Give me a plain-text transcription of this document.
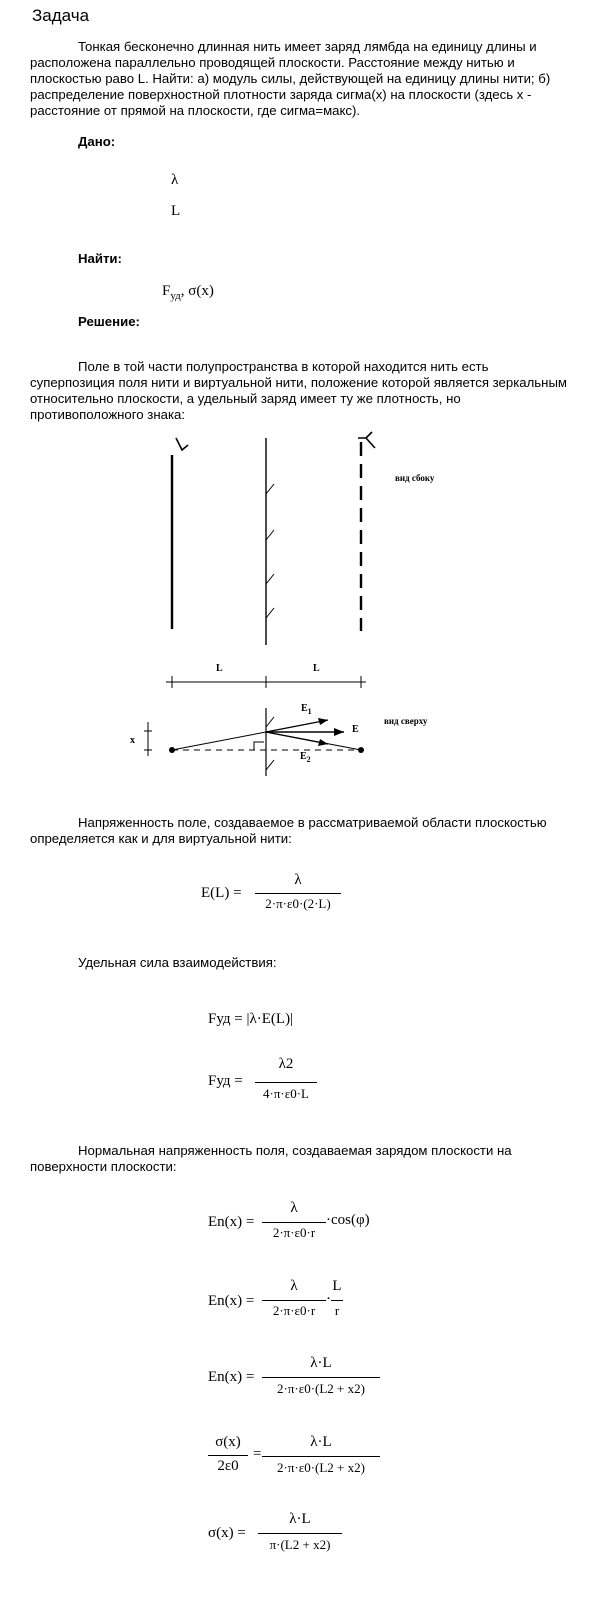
Задача
Тонкая бесконечно длинная нить имеет заряд лямбда на единицу длины и расположена параллельно проводящей плоскости. Расстояние между нитью и плоскостью раво L. Найти: а) модуль силы, действующей на единицу длины нити; б) распределение поверхностной плотности заряда сигма(x) на плоскости (здесь x - расстояние от прямой на плоскости, где сигма=макс).
Дано:
λ
L
Найти:
$F_{уд}$, σ(x)
Решение:
Поле в той части полупространства в которой находится нить есть суперпозиция поля нити и виртуальной нити, положение которой является зеркальным относительно плоскости, а удельный заряд имеет ту же плотность, но противоположного знака:
вид сбоку
L	L
$E_1$
$E_2$
E
вид сверху
x
Напряженность поле, создаваемое в рассматриваемой области плоскостью определяется как и для виртуальной нити:
E(L) =
λ
2·π·ε0·(2·L)
Удельная сила взаимодействия:
Fуд = |λ·E(L)|
Fуд =
λ2
4·π·ε0·L
Нормальная напряженность поля, создаваемая зарядом плоскости на поверхности плоскости:
En(x) =
λ
2·π·ε0·r
·cos(φ)
En(x) =
λ
2·π·ε0·r
·
L
r
En(x) =
λ·L
2·π·ε0·(L2 + x2)
σ(x)
2ε0
=
λ·L
2·π·ε0·(L2 + x2)
σ(x) =
λ·L
π·(L2 + x2)
